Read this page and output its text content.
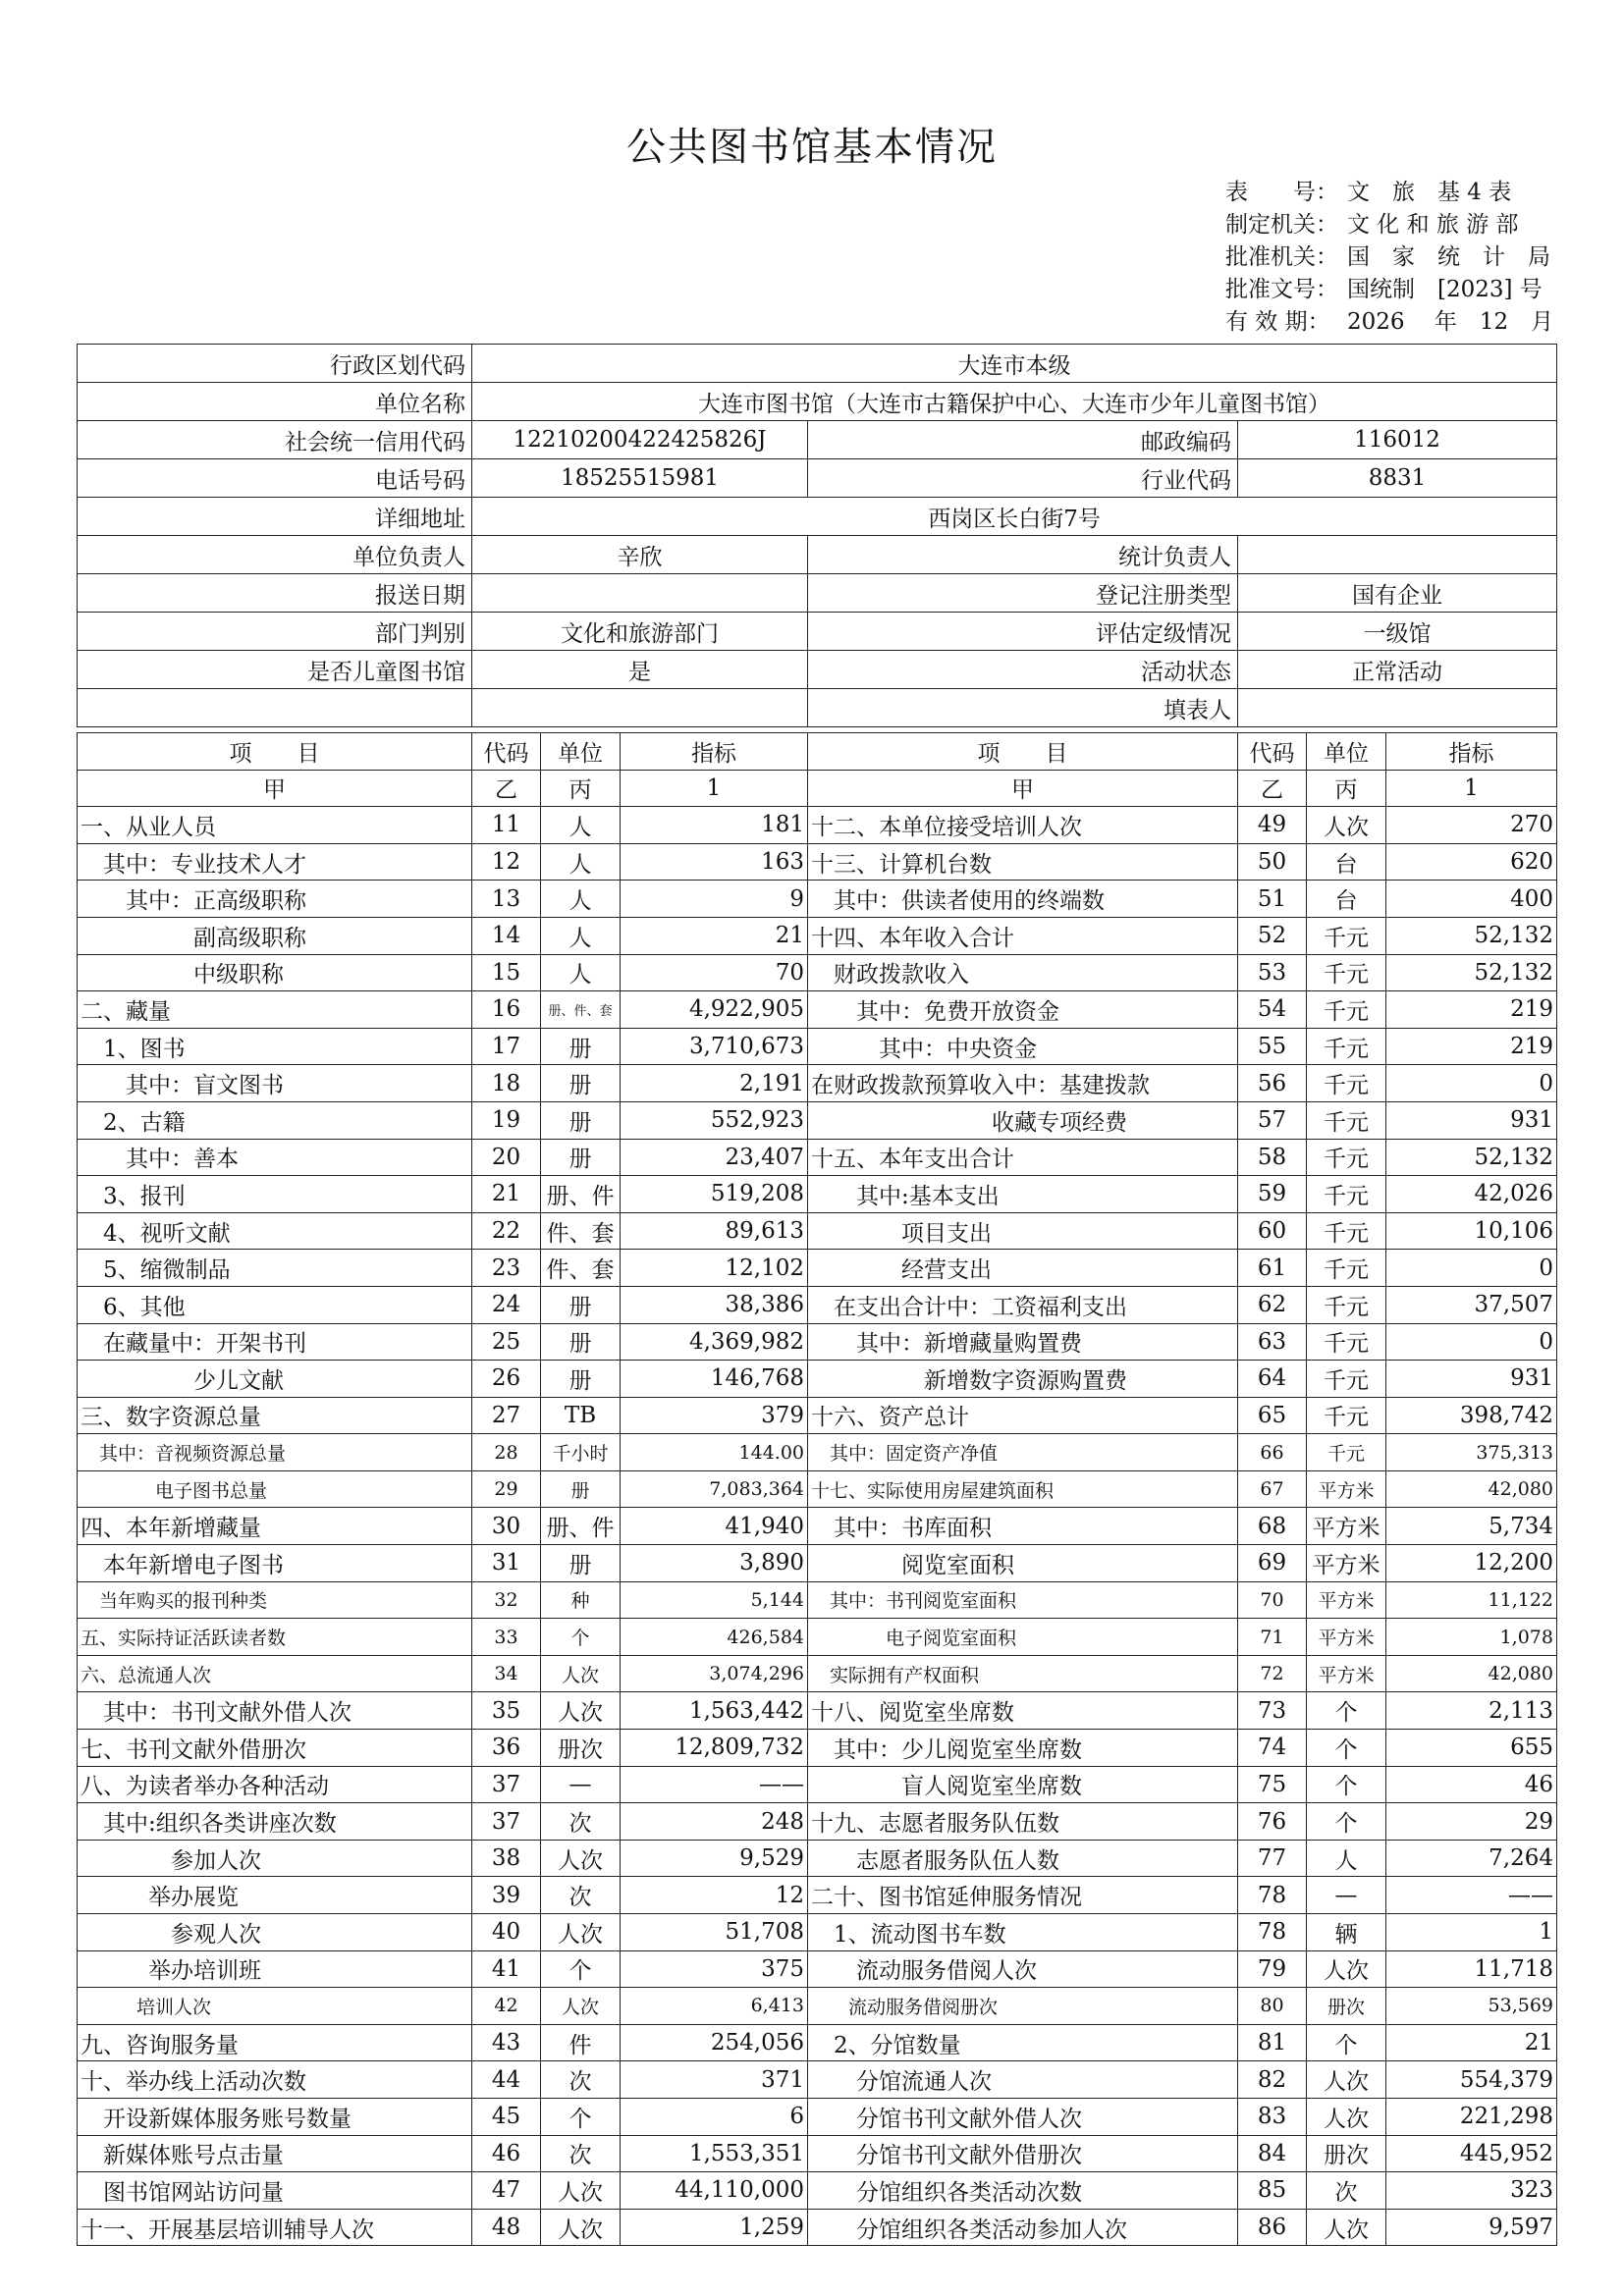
公共图书馆基本情况
表　　号： 文　旅　基 4 表
制定机关： 文 化 和 旅 游 部
批准机关： 国　家　统　计　局
批准文号： 国统制　[2023] 号
有 效 期： 2026　 年　12　月
行政区划代码	大连市本级		
单位名称	大连市图书馆（大连市古籍保护中心、大连市少年儿童图书馆）		
社会统一信用代码	12210200422425826J	邮政编码	116012
电话号码	18525515981	行业代码	8831
详细地址	西岗区长白街7号		
单位负责人	辛欣	统计负责人	
报送日期		登记注册类型	国有企业
部门判别	文化和旅游部门	评估定级情况	一级馆
是否儿童图书馆	是	活动状态	正常活动
		填表人	
项　　目	代码	单位	指标	项　　目	代码	单位	指标
甲	乙	丙	1	甲	乙	丙	1
一、从业人员	11	人	181	十二、本单位接受培训人次	49	人次	270
　其中：专业技术人才	12	人	163	十三、计算机台数	50	台	620
　　其中：正高级职称	13	人	9	　其中：供读者使用的终端数	51	台	400
　　　　　副高级职称	14	人	21	十四、本年收入合计	52	千元	52,132
　　　　　中级职称	15	人	70	　财政拨款收入	53	千元	52,132
二、藏量	16	册、件、套	4,922,905	　　其中：免费开放资金	54	千元	219
　1、图书	17	册	3,710,673	　　　其中：中央资金	55	千元	219
　　其中：盲文图书	18	册	2,191	在财政拨款预算收入中：基建拨款	56	千元	0
　2、古籍	19	册	552,923	　　　　　　　　收藏专项经费	57	千元	931
　　其中：善本	20	册	23,407	十五、本年支出合计	58	千元	52,132
　3、报刊	21	册、件	519,208	　　其中:基本支出	59	千元	42,026
　4、视听文献	22	件、套	89,613	　　　　项目支出	60	千元	10,106
　5、缩微制品	23	件、套	12,102	　　　　经营支出	61	千元	0
　6、其他	24	册	38,386	　在支出合计中：工资福利支出	62	千元	37,507
　在藏量中：开架书刊	25	册	4,369,982	　　其中：新增藏量购置费	63	千元	0
　　　　　少儿文献	26	册	146,768	　　　　　新增数字资源购置费	64	千元	931
三、数字资源总量	27	TB	379	十六、资产总计	65	千元	398,742
　其中：音视频资源总量	28	千小时	144.00	　其中：固定资产净值	66	千元	375,313
　　　　电子图书总量	29	册	7,083,364	十七、实际使用房屋建筑面积	67	平方米	42,080
四、本年新增藏量	30	册、件	41,940	　其中：书库面积	68	平方米	5,734
　本年新增电子图书	31	册	3,890	　　　　阅览室面积	69	平方米	12,200
　当年购买的报刊种类	32	种	5,144	　其中：书刊阅览室面积	70	平方米	11,122
五、实际持证活跃读者数	33	个	426,584	　　　　电子阅览室面积	71	平方米	1,078
六、总流通人次	34	人次	3,074,296	　实际拥有产权面积	72	平方米	42,080
　其中：书刊文献外借人次	35	人次	1,563,442	十八、阅览室坐席数	73	个	2,113
七、书刊文献外借册次	36	册次	12,809,732	　其中：少儿阅览室坐席数	74	个	655
八、为读者举办各种活动	37	—	——	　　　　盲人阅览室坐席数	75	个	46
　其中:组织各类讲座次数	37	次	248	十九、志愿者服务队伍数	76	个	29
　　　　参加人次	38	人次	9,529	　　志愿者服务队伍人数	77	人	7,264
　　　举办展览	39	次	12	二十、图书馆延伸服务情况	78	—	——
　　　　参观人次	40	人次	51,708	　1、流动图书车数	78	辆	1
　　　举办培训班	41	个	375	　　流动服务借阅人次	79	人次	11,718
　　　培训人次	42	人次	6,413	　　流动服务借阅册次	80	册次	53,569
九、咨询服务量	43	件	254,056	　2、分馆数量	81	个	21
十、举办线上活动次数	44	次	371	　　分馆流通人次	82	人次	554,379
　开设新媒体服务账号数量	45	个	6	　　分馆书刊文献外借人次	83	人次	221,298
　新媒体账号点击量	46	次	1,553,351	　　分馆书刊文献外借册次	84	册次	445,952
　图书馆网站访问量	47	人次	44,110,000	　　分馆组织各类活动次数	85	次	323
十一、开展基层培训辅导人次	48	人次	1,259	　　分馆组织各类活动参加人次	86	人次	9,597
